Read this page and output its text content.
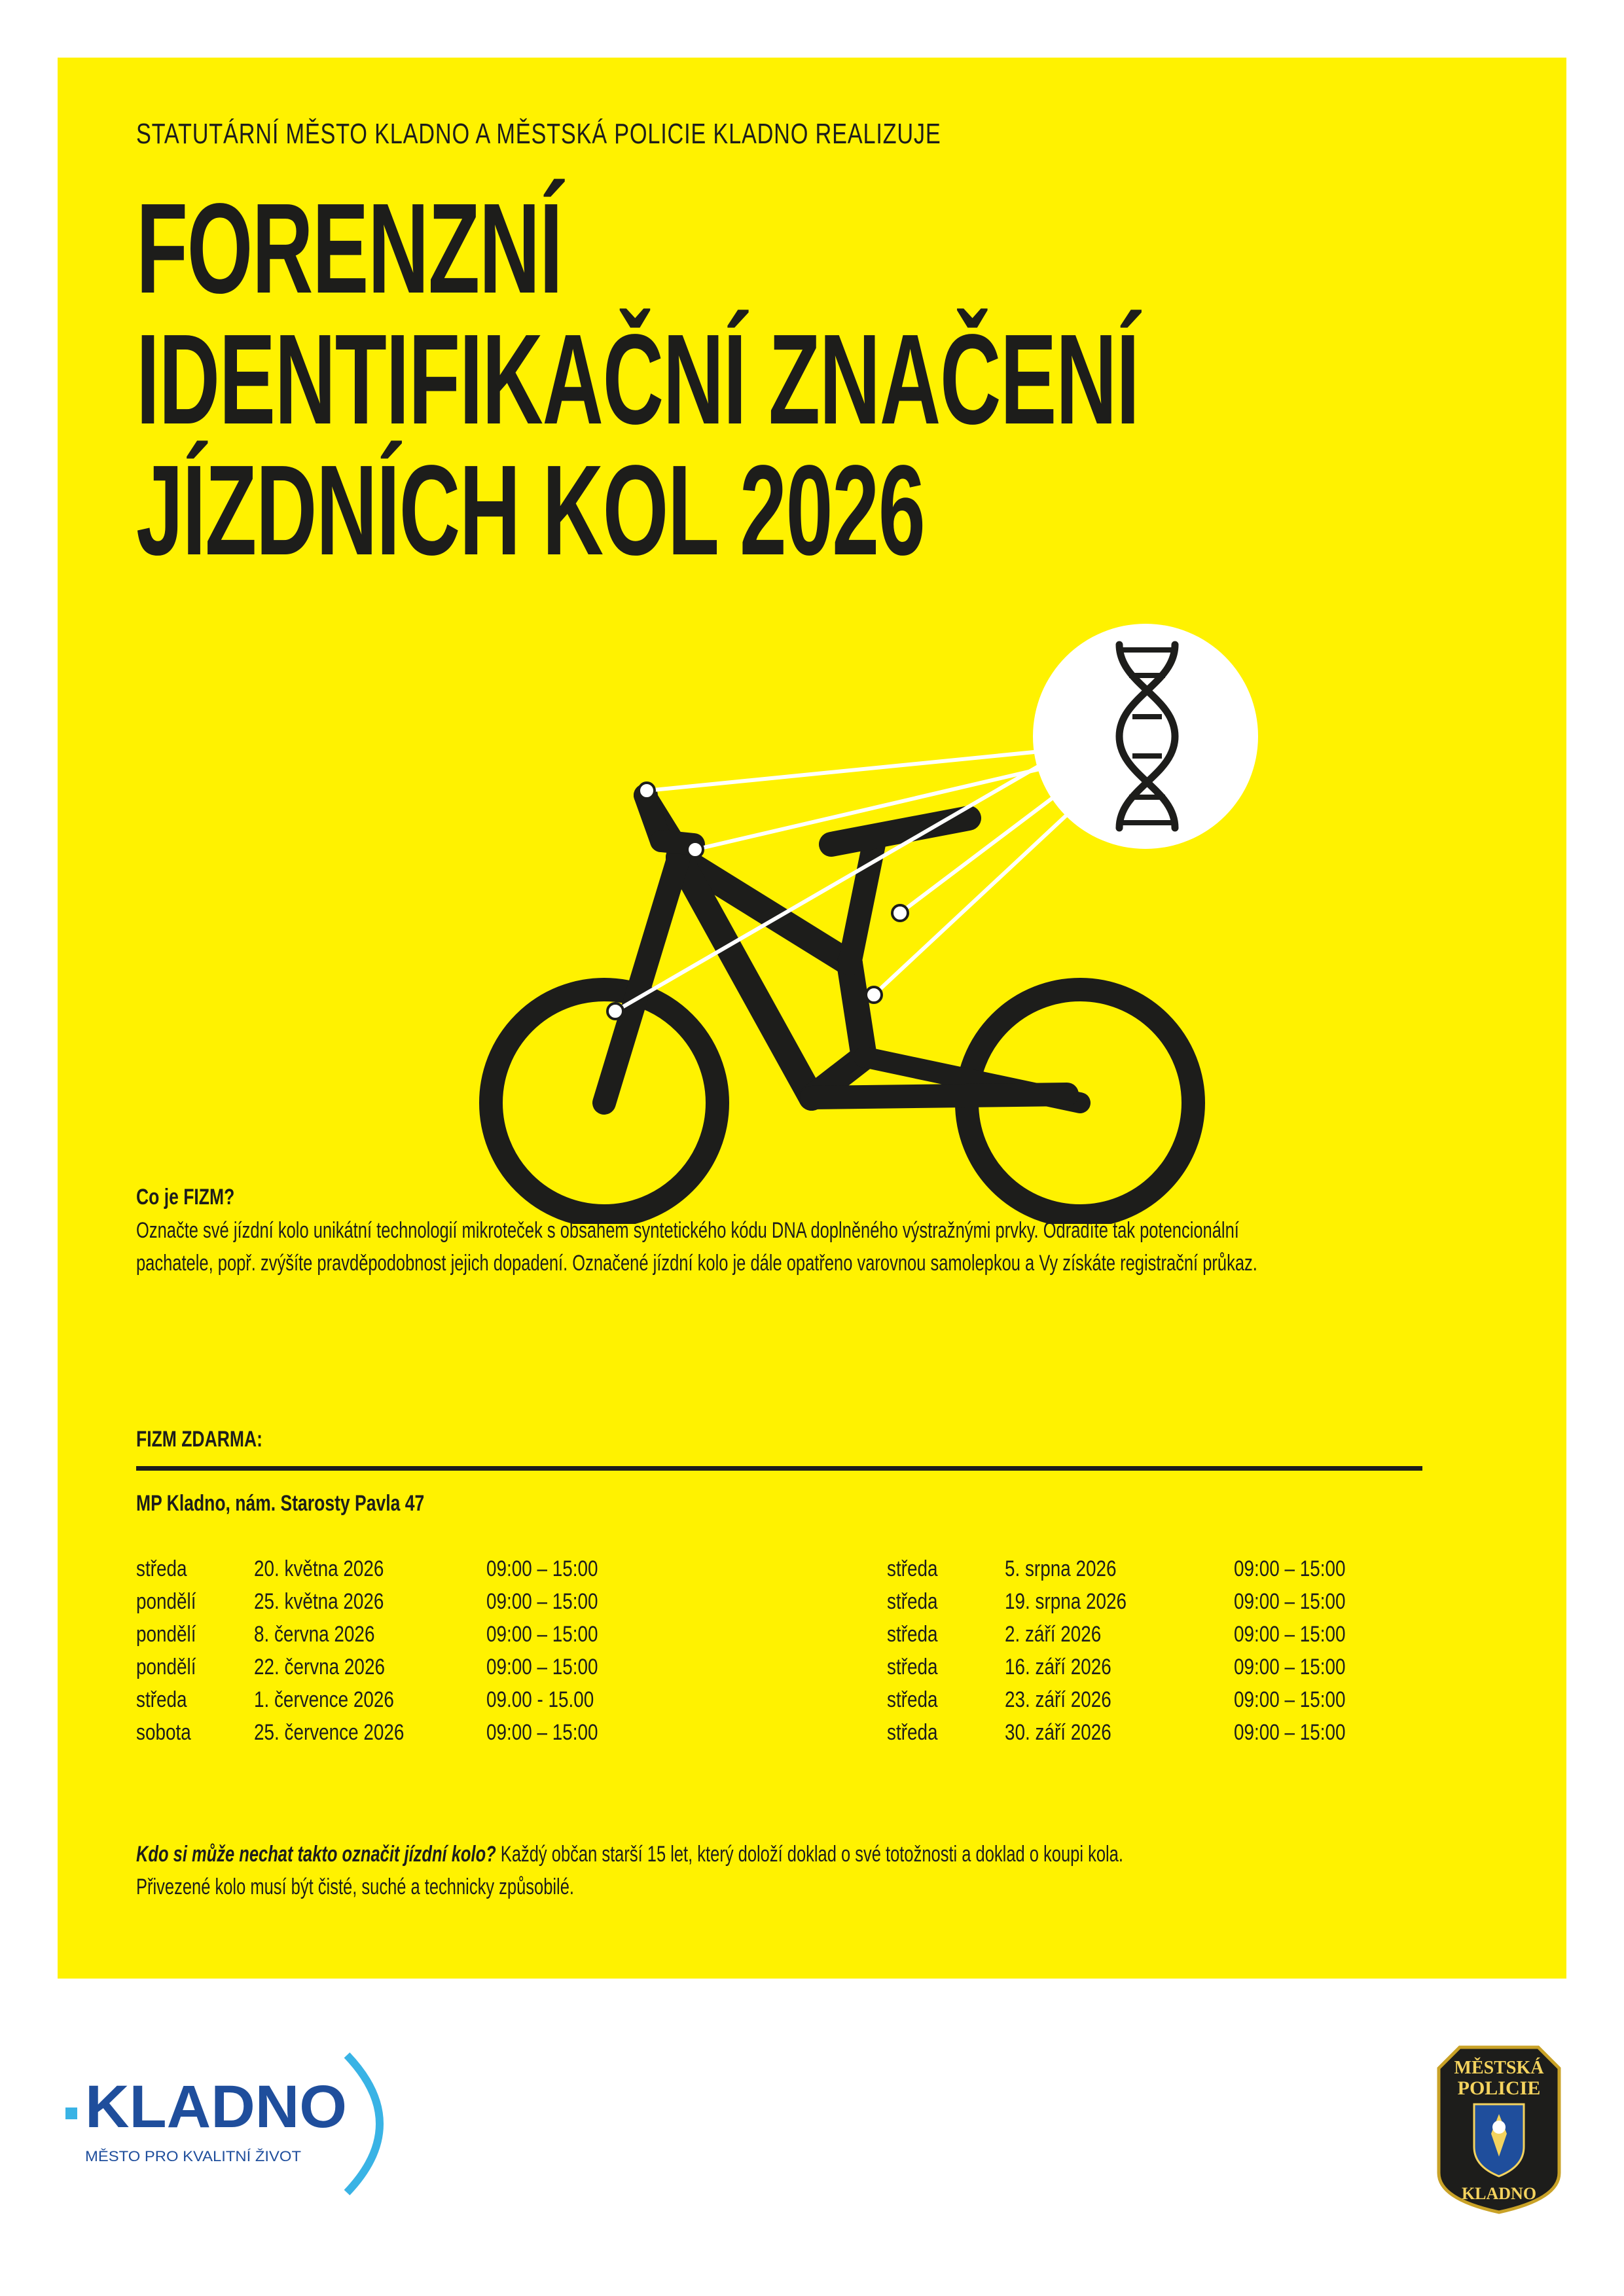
STATUTÁRNÍ MĚSTO KLADNO A MĚSTSKÁ POLICIE KLADNO REALIZUJE
FORENZNÍ
IDENTIFIKAČNÍ ZNAČENÍ
JÍZDNÍCH KOL 2026
Co je FIZM?

Označte své jízdní kolo unikátní technologií mikroteček s obsahem syntetického kódu DNA doplněného výstražnými prvky. Odradíte tak potencionální pachatele, popř. zvýšíte pravděpodobnost jejich dopadení. Označené jízdní kolo je dále opatřeno varovnou samolepkou a Vy získáte registrační průkaz.

FIZM ZDARMA:
MP Kladno, nám. Starosty Pavla 47
středa	20. května 2026	09:00 – 15:00
pondělí	25. května 2026	09:00 – 15:00
pondělí	8. června 2026	09:00 – 15:00
pondělí	22. června 2026	09:00 – 15:00
středa	1. července 2026	09.00 - 15.00
sobota	25. července 2026	09:00 – 15:00
středa	5. srpna 2026	09:00 – 15:00
středa	19. srpna 2026	09:00 – 15:00
středa	2. září 2026	09:00 – 15:00
středa	16. září 2026	09:00 – 15:00
středa	23. září 2026	09:00 – 15:00
středa	30. září 2026	09:00 – 15:00
Kdo si může nechat takto označit jízdní kolo? Každý občan starší 15 let, který doloží doklad o své totožnosti a doklad o koupi kola.
Přivezené kolo musí být čisté, suché a technicky způsobilé.
KLADNO
MĚSTO PRO KVALITNÍ ŽIVOT
MĚSTSKÁ
POLICIE
KLADNO
